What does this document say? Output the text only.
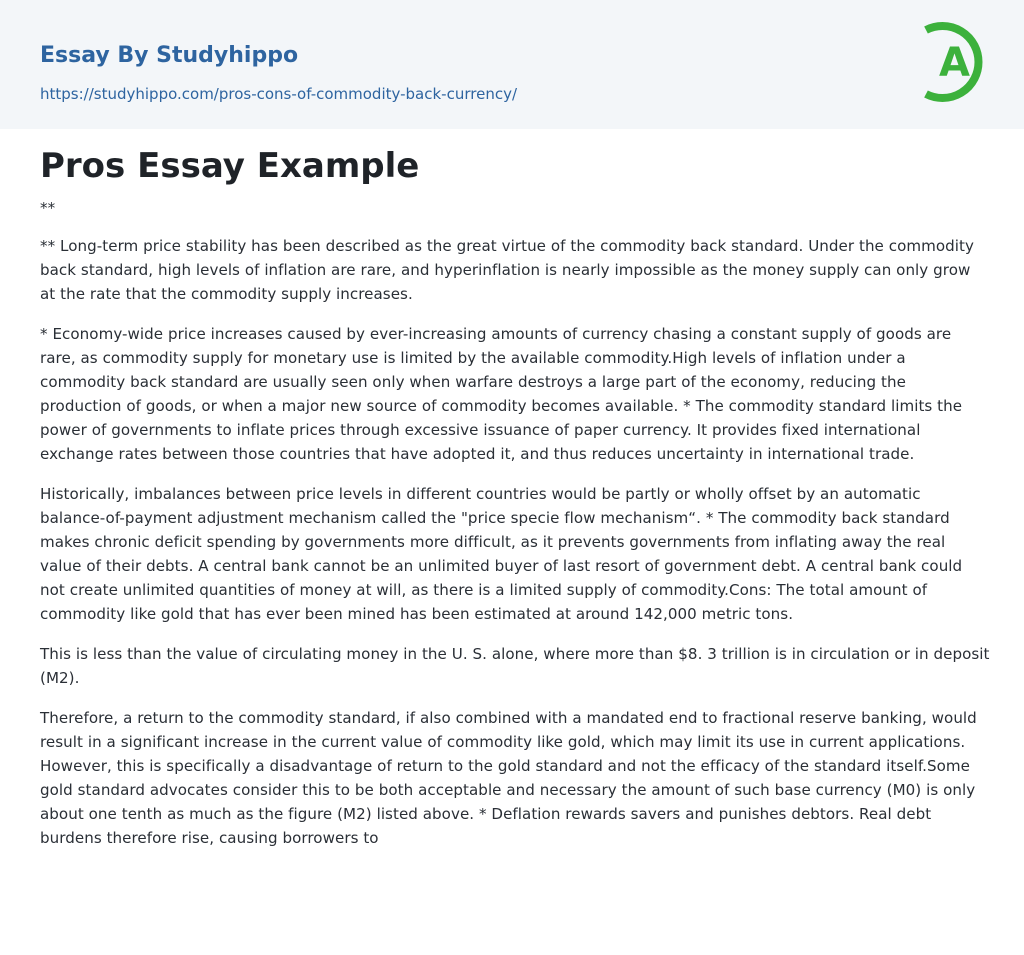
Essay By Studyhippo
https://studyhippo.com/pros-cons-of-commodity-back-currency/
A
Pros Essay Example

**

** Long-term price stability has been described as the great virtue of the commodity back standard. Under the commodity back standard, high levels of inflation are rare, and hyperinflation is nearly impossible as the money supply can only grow at the rate that the commodity supply increases.

* Economy-wide price increases caused by ever-increasing amounts of currency chasing a constant supply of goods are rare, as commodity supply for monetary use is limited by the available commodity.High levels of inflation under a commodity back standard are usually seen only when warfare destroys a large part of the economy, reducing the production of goods, or when a major new source of commodity becomes available. * The commodity standard limits the power of governments to inflate prices through excessive issuance of paper currency. It provides fixed international exchange rates between those countries that have adopted it, and thus reduces uncertainty in international trade.

Historically, imbalances between price levels in different countries would be partly or wholly offset by an automatic balance-of-payment adjustment mechanism called the "price specie flow mechanism“. * The commodity back standard makes chronic deficit spending by governments more difficult, as it prevents governments from inflating away the real value of their debts. A central bank cannot be an unlimited buyer of last resort of government debt. A central bank could not create unlimited quantities of money at will, as there is a limited supply of commodity.Cons: The total amount of commodity like gold that has ever been mined has been estimated at around 142,000 metric tons.

This is less than the value of circulating money in the U. S. alone, where more than $8. 3 trillion is in circulation or in deposit (M2).

Therefore, a return to the commodity standard, if also combined with a mandated end to fractional reserve banking, would result in a significant increase in the current value of commodity like gold, which may limit its use in current applications. However, this is specifically a disadvantage of return to the gold standard and not the efficacy of the standard itself.Some gold standard advocates consider this to be both acceptable and necessary the amount of such base currency (M0) is only about one tenth as much as the figure (M2) listed above. * Deflation rewards savers and punishes debtors. Real debt burdens therefore rise, causing borrowers to
